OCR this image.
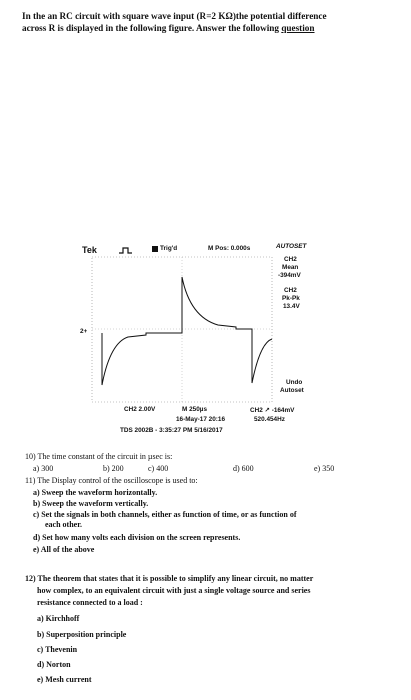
In the an RC circuit with square wave input (R=2 KΩ)the potential difference
across R is displayed in the following figure. Answer the following question
Tek	Trig'd	M Pos: 0.000s	AUTOSET
CH2
Mean
-394mV
CH2
Pk-Pk
13.4V
Undo
Autoset
2+
CH2 2.00V	M 250µs	CH2 ↗ -164mV
16-May-17 20:16	520.454Hz
TDS 2002B - 3:35:27 PM 5/16/2017
10) The time constant of the circuit in µsec is:
a) 300	b) 200	c) 400	d) 600	e) 350
11) The Display control of the oscilloscope is used to:
a) Sweep the waveform horizontally.
b) Sweep the waveform vertically.
c) Set the signals in both channels, either as function of time, or as function of
each other.
d) Set how many volts each division on the screen represents.
e) All of the above
12) The theorem that states that it is possible to simplify any linear circuit, no matter
how complex, to an equivalent circuit with just a single voltage source and series
resistance connected to a load :
a) Kirchhoff
b) Superposition principle
c) Thevenin
d) Norton
e) Mesh current
